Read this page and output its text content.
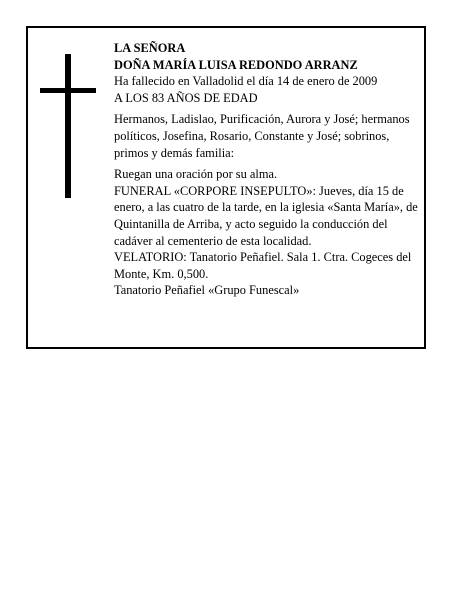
LA SEÑORA

DOÑA MARÍA LUISA REDONDO ARRANZ

Ha fallecido en Valladolid el día 14 de enero de 2009

A LOS 83 AÑOS DE EDAD

Hermanos, Ladislao, Purificación, Aurora y José; hermanos políticos, Josefina, Rosario, Constante y José; sobrinos, primos y demás familia:

Ruegan una oración por su alma.

FUNERAL «CORPORE INSEPULTO»: Jueves, día 15 de enero, a las cuatro de la tarde, en la iglesia «Santa María», de Quintanilla de Arriba, y acto seguido la conducción del cadáver al cementerio de esta localidad.

VELATORIO: Tanatorio Peñafiel. Sala 1. Ctra. Cogeces del Monte, Km. 0,500.

Tanatorio Peñafiel «Grupo Funescal»
